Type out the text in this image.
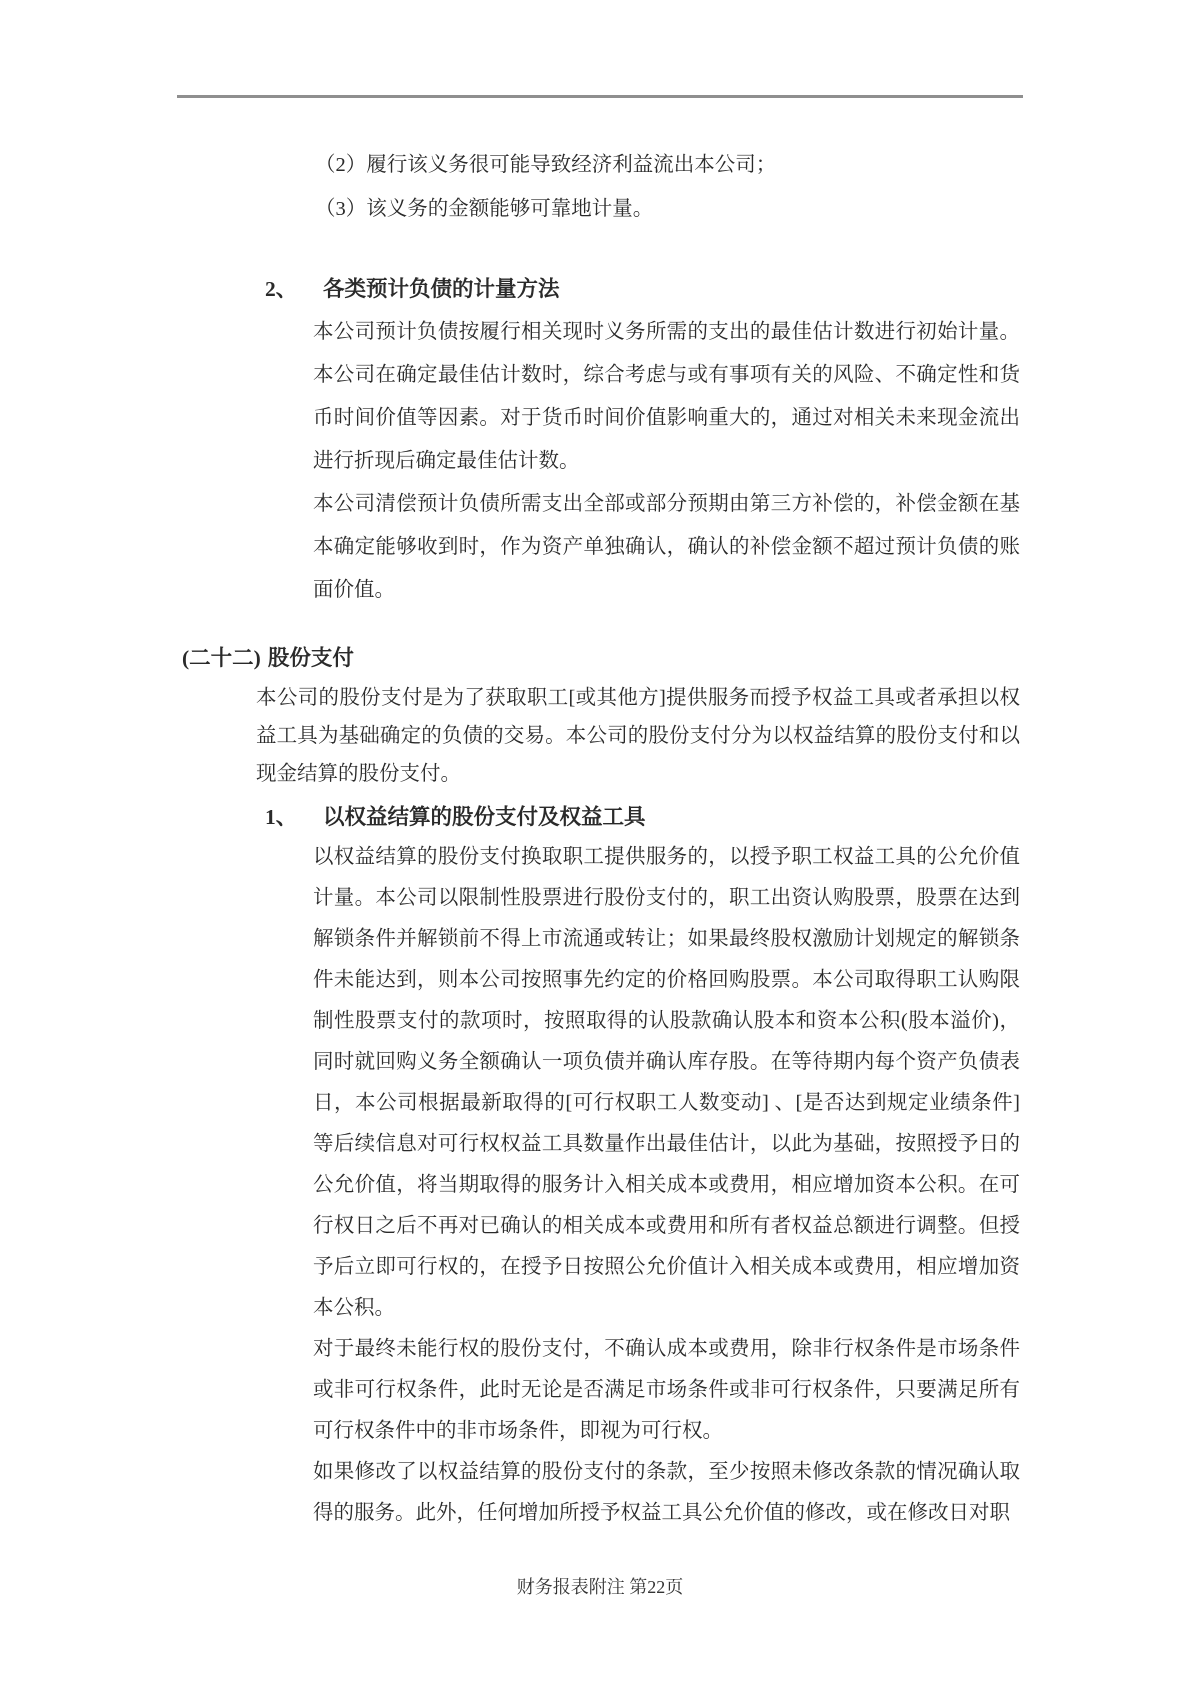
（2）履行该义务很可能导致经济利益流出本公司；
（3）该义务的金额能够可靠地计量。
2、 各类预计负债的计量方法

本公司预计负债按履行相关现时义务所需的支出的最佳估计数进行初始计量。本公司在确定最佳估计数时，综合考虑与或有事项有关的风险、不确定性和货币时间价值等因素。对于货币时间价值影响重大的，通过对相关未来现金流出进行折现后确定最佳估计数。

本公司清偿预计负债所需支出全部或部分预期由第三方补偿的，补偿金额在基本确定能够收到时，作为资产单独确认，确认的补偿金额不超过预计负债的账面价值。

(二十二) 股份支付

本公司的股份支付是为了获取职工[或其他方]提供服务而授予权益工具或者承担以权益工具为基础确定的负债的交易。本公司的股份支付分为以权益结算的股份支付和以现金结算的股份支付。

1、 以权益结算的股份支付及权益工具

以权益结算的股份支付换取职工提供服务的，以授予职工权益工具的公允价值计量。本公司以限制性股票进行股份支付的，职工出资认购股票，股票在达到解锁条件并解锁前不得上市流通或转让；如果最终股权激励计划规定的解锁条件未能达到，则本公司按照事先约定的价格回购股票。本公司取得职工认购限制性股票支付的款项时，按照取得的认股款确认股本和资本公积(股本溢价)，同时就回购义务全额确认一项负债并确认库存股。在等待期内每个资产负债表日，本公司根据最新取得的[可行权职工人数变动] 、[是否达到规定业绩条件]等后续信息对可行权权益工具数量作出最佳估计，以此为基础，按照授予日的公允价值，将当期取得的服务计入相关成本或费用，相应增加资本公积。在可行权日之后不再对已确认的相关成本或费用和所有者权益总额进行调整。但授予后立即可行权的，在授予日按照公允价值计入相关成本或费用，相应增加资本公积。

对于最终未能行权的股份支付，不确认成本或费用，除非行权条件是市场条件或非可行权条件，此时无论是否满足市场条件或非可行权条件，只要满足所有可行权条件中的非市场条件，即视为可行权。

如果修改了以权益结算的股份支付的条款，至少按照未修改条款的情况确认取得的服务。此外，任何增加所授予权益工具公允价值的修改，或在修改日对职

财务报表附注 第22页
